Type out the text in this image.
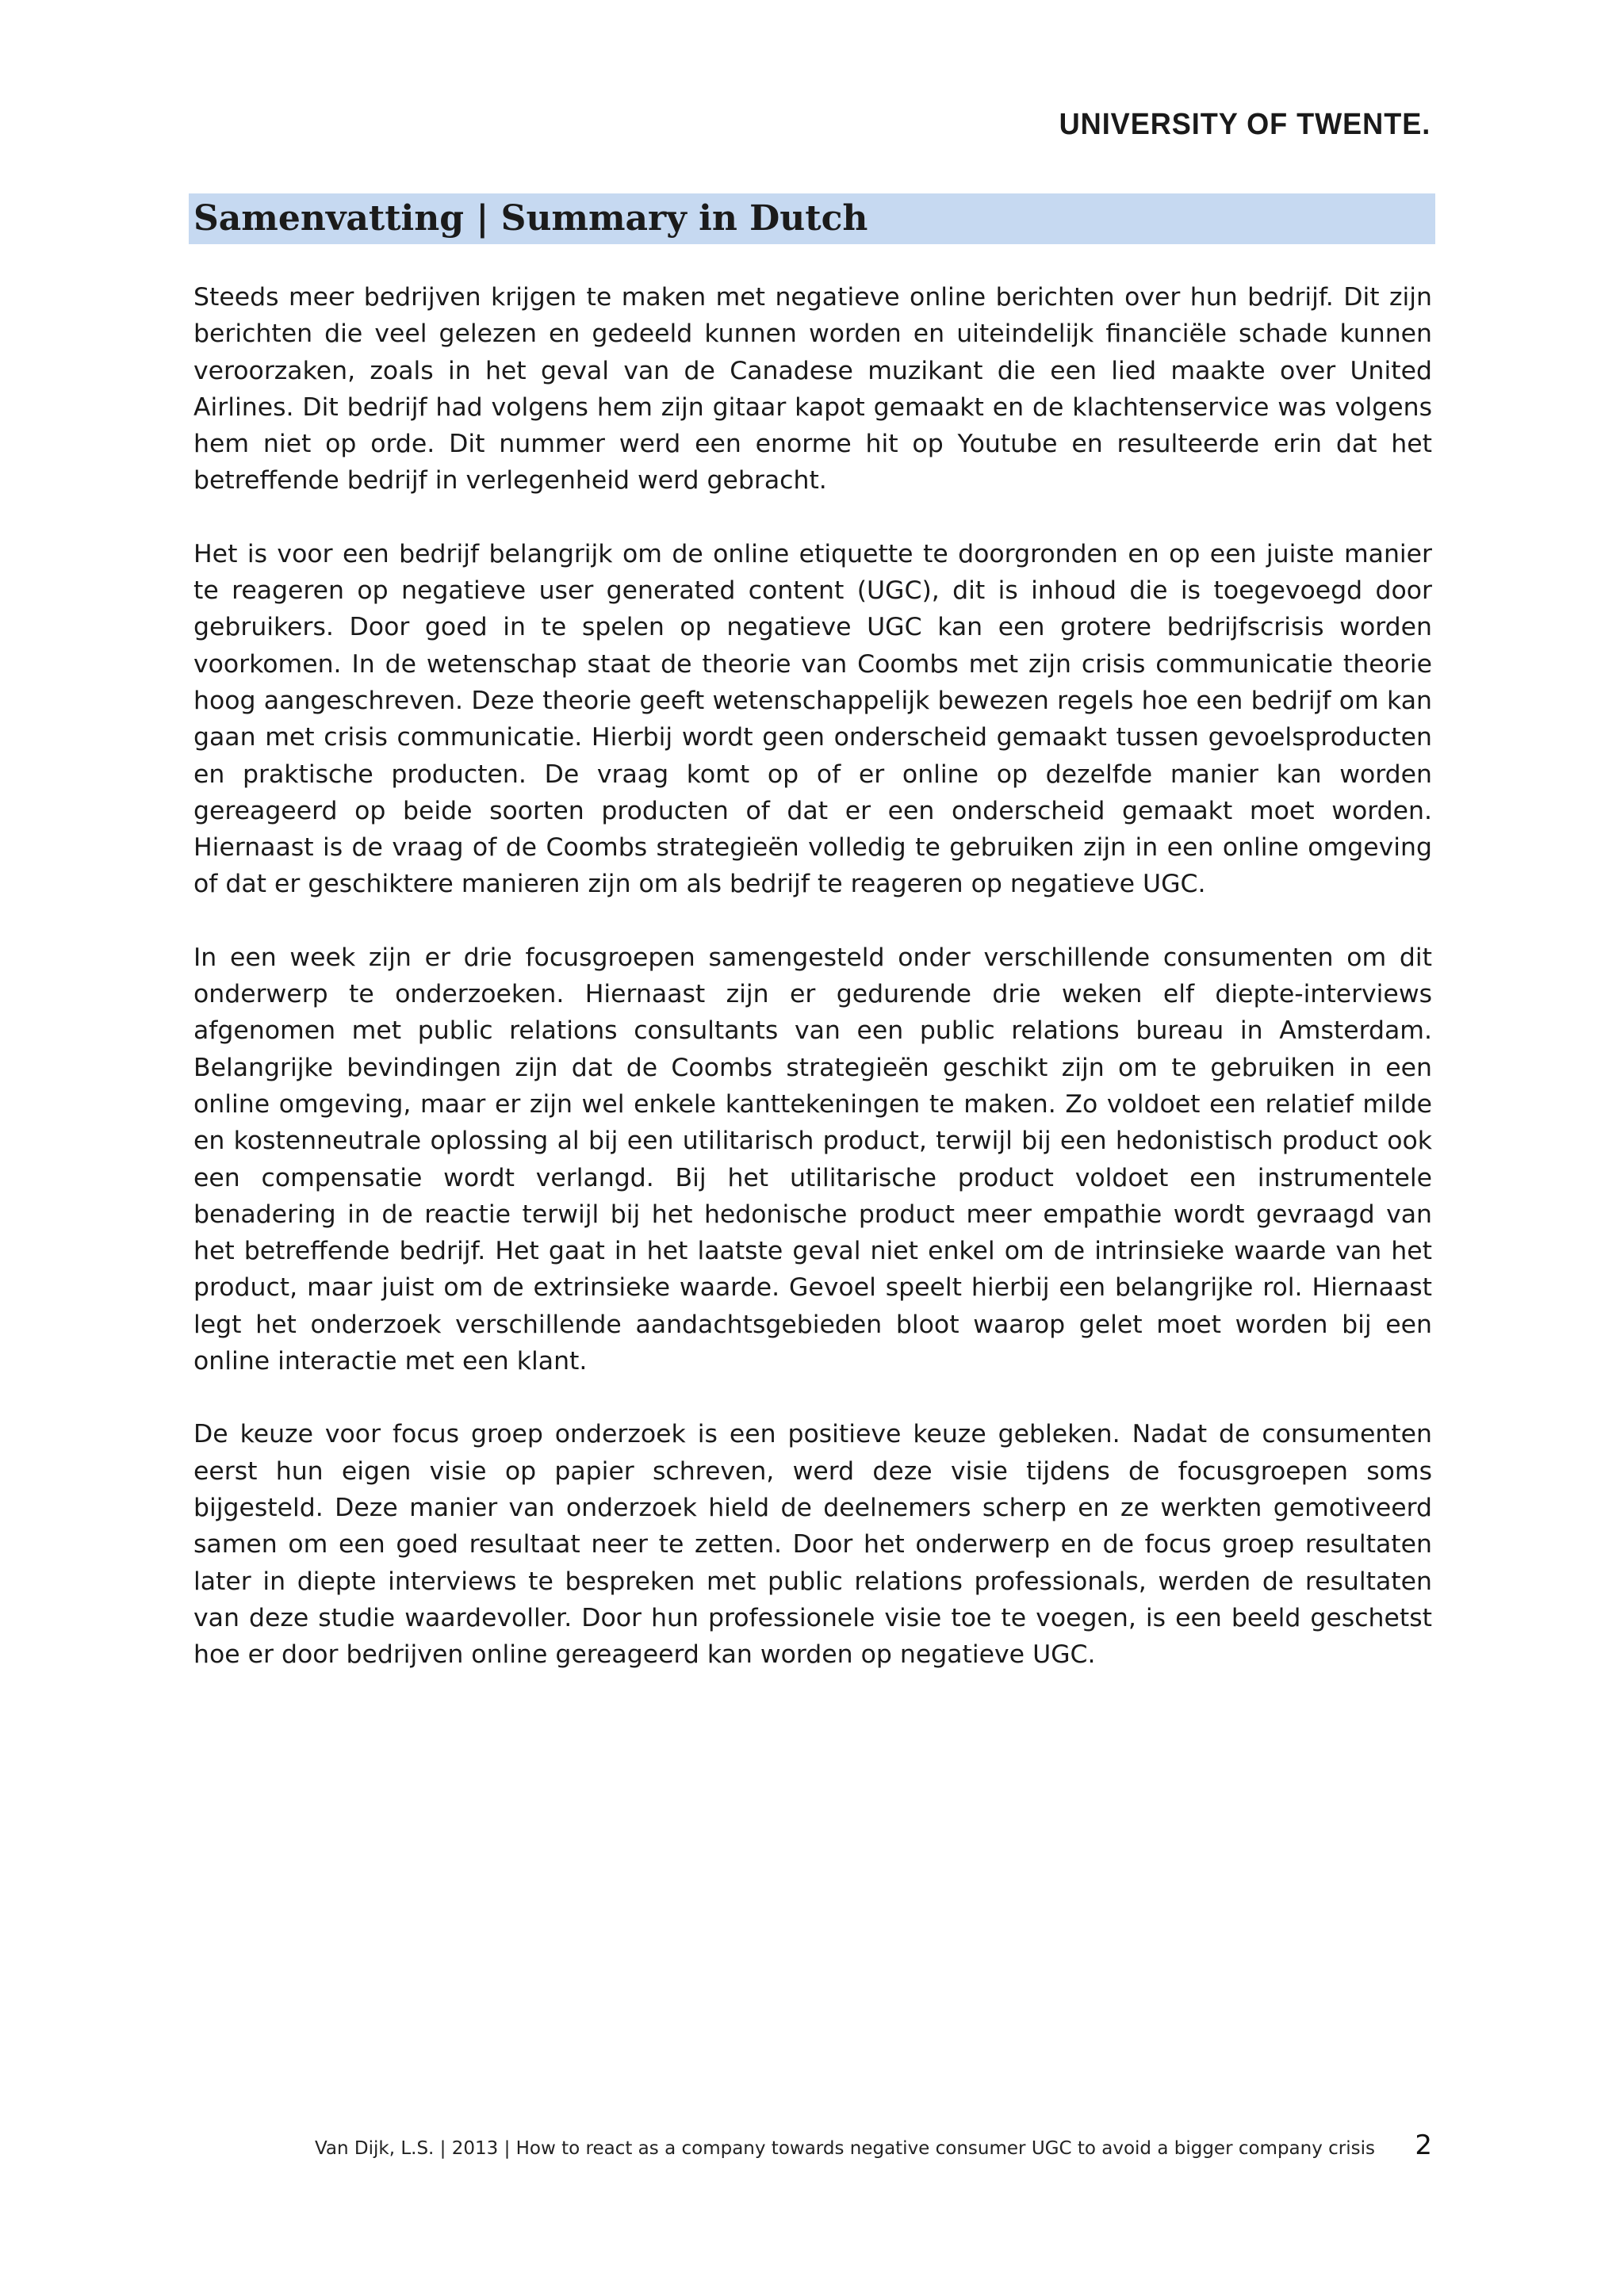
UNIVERSITY OF TWENTE.
Samenvatting | Summary in Dutch

Steeds meer bedrijven krijgen te maken met negatieve online berichten over hun bedrijf. Dit zijn berichten die veel gelezen en gedeeld kunnen worden en uiteindelijk financiële schade kunnen veroorzaken, zoals in het geval van de Canadese muzikant die een lied maakte over United Airlines. Dit bedrijf had volgens hem zijn gitaar kapot gemaakt en de klachtenservice was volgens hem niet op orde. Dit nummer werd een enorme hit op Youtube en resulteerde erin dat het betreffende bedrijf in verlegenheid werd gebracht.

Het is voor een bedrijf belangrijk om de online etiquette te doorgronden en op een juiste manier te reageren op negatieve user generated content (UGC), dit is inhoud die is toegevoegd door gebruikers. Door goed in te spelen op negatieve UGC kan een grotere bedrijfscrisis worden voorkomen. In de wetenschap staat de theorie van Coombs met zijn crisis communicatie theorie hoog aangeschreven. Deze theorie geeft wetenschappelijk bewezen regels hoe een bedrijf om kan gaan met crisis communicatie. Hierbij wordt geen onderscheid gemaakt tussen gevoelsproducten en praktische producten. De vraag komt op of er online op dezelfde manier kan worden gereageerd op beide soorten producten of dat er een onderscheid gemaakt moet worden. Hiernaast is de vraag of de Coombs strategieën volledig te gebruiken zijn in een online omgeving of dat er geschiktere manieren zijn om als bedrijf te reageren op negatieve UGC.

In een week zijn er drie focusgroepen samengesteld onder verschillende consumenten om dit onderwerp te onderzoeken. Hiernaast zijn er gedurende drie weken elf diepte-interviews afgenomen met public relations consultants van een public relations bureau in Amsterdam. Belangrijke bevindingen zijn dat de Coombs strategieën geschikt zijn om te gebruiken in een online omgeving, maar er zijn wel enkele kanttekeningen te maken. Zo voldoet een relatief milde en kostenneutrale oplossing al bij een utilitarisch product, terwijl bij een hedonistisch product ook een compensatie wordt verlangd. Bij het utilitarische product voldoet een instrumentele benadering in de reactie terwijl bij het hedonische product meer empathie wordt gevraagd van het betreffende bedrijf. Het gaat in het laatste geval niet enkel om de intrinsieke waarde van het product, maar juist om de extrinsieke waarde. Gevoel speelt hierbij een belangrijke rol. Hiernaast legt het onderzoek verschillende aandachtsgebieden bloot waarop gelet moet worden bij een online interactie met een klant.

De keuze voor focus groep onderzoek is een positieve keuze gebleken. Nadat de consumenten eerst hun eigen visie op papier schreven, werd deze visie tijdens de focusgroepen soms bijgesteld. Deze manier van onderzoek hield de deelnemers scherp en ze werkten gemotiveerd samen om een goed resultaat neer te zetten. Door het onderwerp en de focus groep resultaten later in diepte interviews te bespreken met public relations professionals, werden de resultaten van deze studie waardevoller. Door hun professionele visie toe te voegen, is een beeld geschetst hoe er door bedrijven online gereageerd kan worden op negatieve UGC.

Van Dijk, L.S. | 2013 | How to react as a company towards negative consumer UGC to avoid a bigger company crisis 2
